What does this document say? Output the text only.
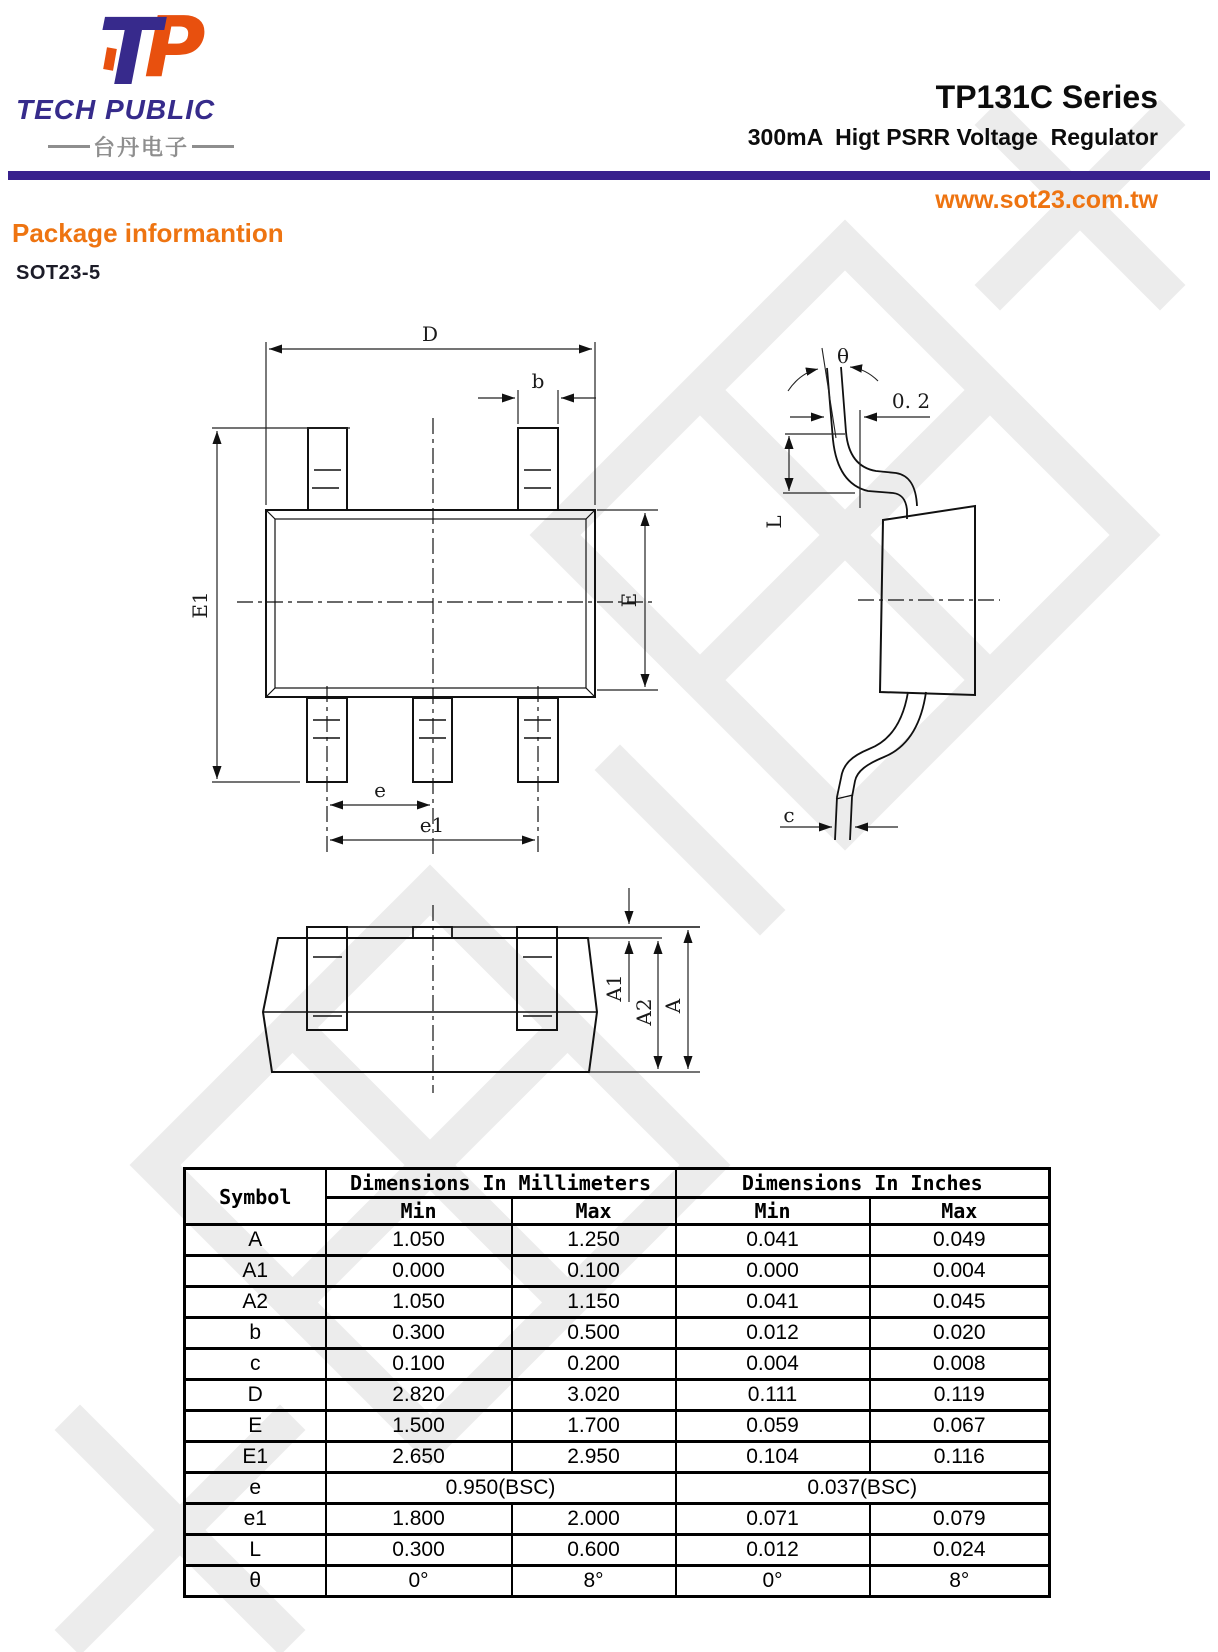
P
T
TECH PUBLIC
台丹电子
TP131C Series
300mA  Higt PSRR Voltage  Regulator
www.sot23.com.tw
Package informantion
SOT23-5
D
b
E1	E
e
e1
θ
0. 2
L
c
A1
A2 A
Symbol	Dimensions In Millimeters		Dimensions In Inches	
	Min	Max	Min	Max
A	1.050	1.250	0.041	0.049
A1	0.000	0.100	0.000	0.004
A2	1.050	1.150	0.041	0.045
b	0.300	0.500	0.012	0.020
c	0.100	0.200	0.004	0.008
D	2.820	3.020	0.111	0.119
E	1.500	1.700	0.059	0.067
E1	2.650	2.950	0.104	0.116
e	0.950(BSC)		0.037(BSC)	
e1	1.800	2.000	0.071	0.079
L	0.300	0.600	0.012	0.024
θ	0°	8°	0°	8°
